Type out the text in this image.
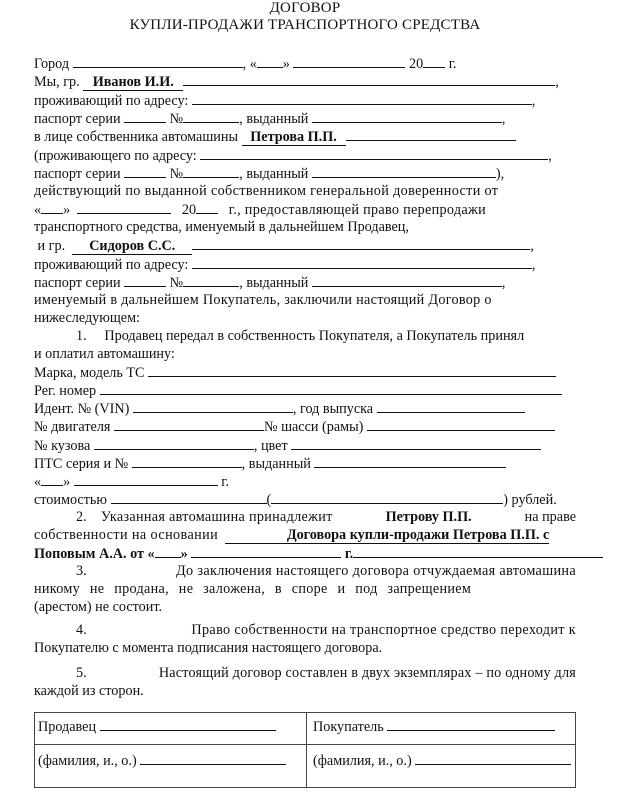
ДОГОВОР
КУПЛИ-ПРОДАЖИ ТРАНСПОРТНОГО СРЕДСТВА
Город	, « »	20 г.
Мы, гр. Иванов И.И.	,
проживающий по адресу:	,
паспорт серии	№	, выданный	,
в лице собственника автомашины Петрова П.П.
(проживающего по адресу:	,
паспорт серии	№	, выданный	),
действующий по выданной собственником генеральной доверенности от
« »	20 г., предоставляющей право перепродажи
транспортного средства, именуемый в дальнейшем Продавец,
и гр. Сидоров С.С.	,
проживающий по адресу:	,
паспорт серии	№	, выданный	,
именуемый в дальнейшем Покупатель, заключили настоящий Договор о
нижеследующем:
1. Продавец передал в собственность Покупателя, а Покупатель принял
и оплатил автомашину:
Марка, модель ТС
Рег. номер
Идент. № (VIN)	, год выпуска
№ двигателя	№ шасси (рамы)
№ кузова	, цвет
ПТС серия и №	, выданный
« »	г.
стоимостью	(	) рублей.
2. Указанная автомашина принадлежит	Петрову П.П.	на праве
собственности на основании	Договора купли-продажи Петрова П.П. с
Попов​ым А.А. от « »	г.
3.	До заключения настоящего договора отчуждаемая автомашина
никому не продана, не заложена, в споре и под запрещением
(арестом) не состоит.
4.	Право собственности на транспортное средство переходит к
Покупателю с момента подписания настоящего договора.
5.	Настоящий договор составлен в двух экземплярах – по одному для
каждой из сторон.
Продавец	Покупатель
(фамилия, и., о.)	(фамилия, и., о.)
